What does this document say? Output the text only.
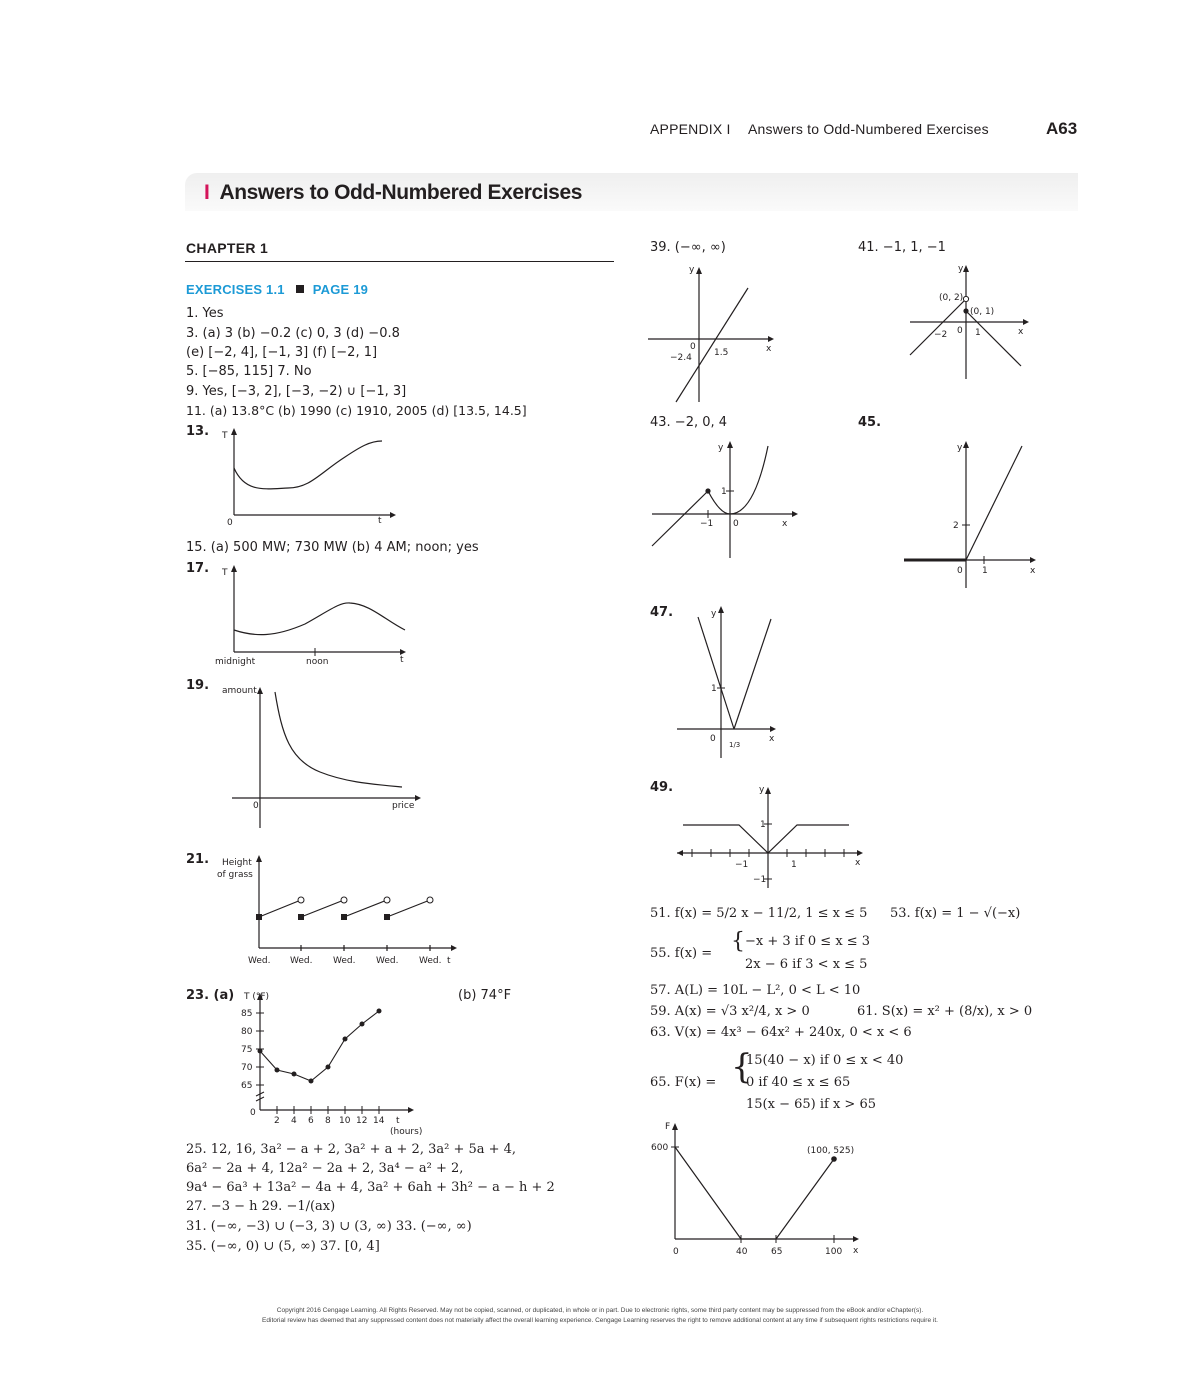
APPENDIX I Answers to Odd-Numbered Exercises	A63
I Answers to Odd-Numbered Exercises
CHAPTER 1
EXERCISES 1.1 PAGE 19
1. Yes
3. (a) 3 (b) −0.2 (c) 0, 3 (d) −0.8
(e) [−2, 4], [−1, 3] (f) [−2, 1]
5. [−85, 115] 7. No
9. Yes, [−3, 2], [−3, −2) ∪ [−1, 3]
11. (a) 13.8°C (b) 1990 (c) 1910, 2005 (d) [13.5, 14.5]
13. T
0	t
15. (a) 500 MW; 730 MW (b) 4 AM; noon; yes
17. T
midnight	noon	t
19. amount
0	price
21. Height
of grass
Wed. Wed. Wed. Wed. Wed. t
23. (a)	(b) 74°F
T (°F)
85
80
75
70
65
0
2 4 6 8 10 12 14 t
(hours)
25. 12, 16, 3a² − a + 2, 3a² + a + 2, 3a² + 5a + 4,
6a² − 2a + 4, 12a² − 2a + 2, 3a⁴ − a² + 2,
9a⁴ − 6a³ + 13a² − 4a + 4, 3a² + 6ah + 3h² − a − h + 2
27. −3 − h 29. −1/(ax)
31. (−∞, −3) ∪ (−3, 3) ∪ (3, ∞) 33. (−∞, ∞)
35. (−∞, 0) ∪ (5, ∞) 37. [0, 4]
39. (−∞, ∞)	41. −1, 1, −1
y
0
1.5
−2.4
x
y
(0, 2)
(0, 1)
−2 0 1	x
43. −2, 0, 4	45.
y
1
−1 0	x
y
2
0 1	x
47.	y
1
0
1/3
x
49.	y
1
−1	1
−1
x
51. f(x) = 5/2 x − 11/2, 1 ≤ x ≤ 5 53. f(x) = 1 − √(−x)
55. f(x) = { −x + 3 if 0 ≤ x ≤ 3
2x − 6 if 3 < x ≤ 5
57. A(L) = 10L − L², 0 < L < 10
59. A(x) = √3 x²/4, x > 0	61. S(x) = x² + (8/x), x > 0
63. V(x) = 4x³ − 64x² + 240x, 0 < x < 6
65. F(x) = {
15(40 − x) if 0 ≤ x < 40
0 if 40 ≤ x ≤ 65
15(x − 65) if x > 65
F
600
0	40	65	100 x
(100, 525)
Copyright 2016 Cengage Learning. All Rights Reserved. May not be copied, scanned, or duplicated, in whole or in part. Due to electronic rights, some third party content may be suppressed from the eBook and/or eChapter(s).
Editorial review has deemed that any suppressed content does not materially affect the overall learning experience. Cengage Learning reserves the right to remove additional content at any time if subsequent rights restrictions require it.
